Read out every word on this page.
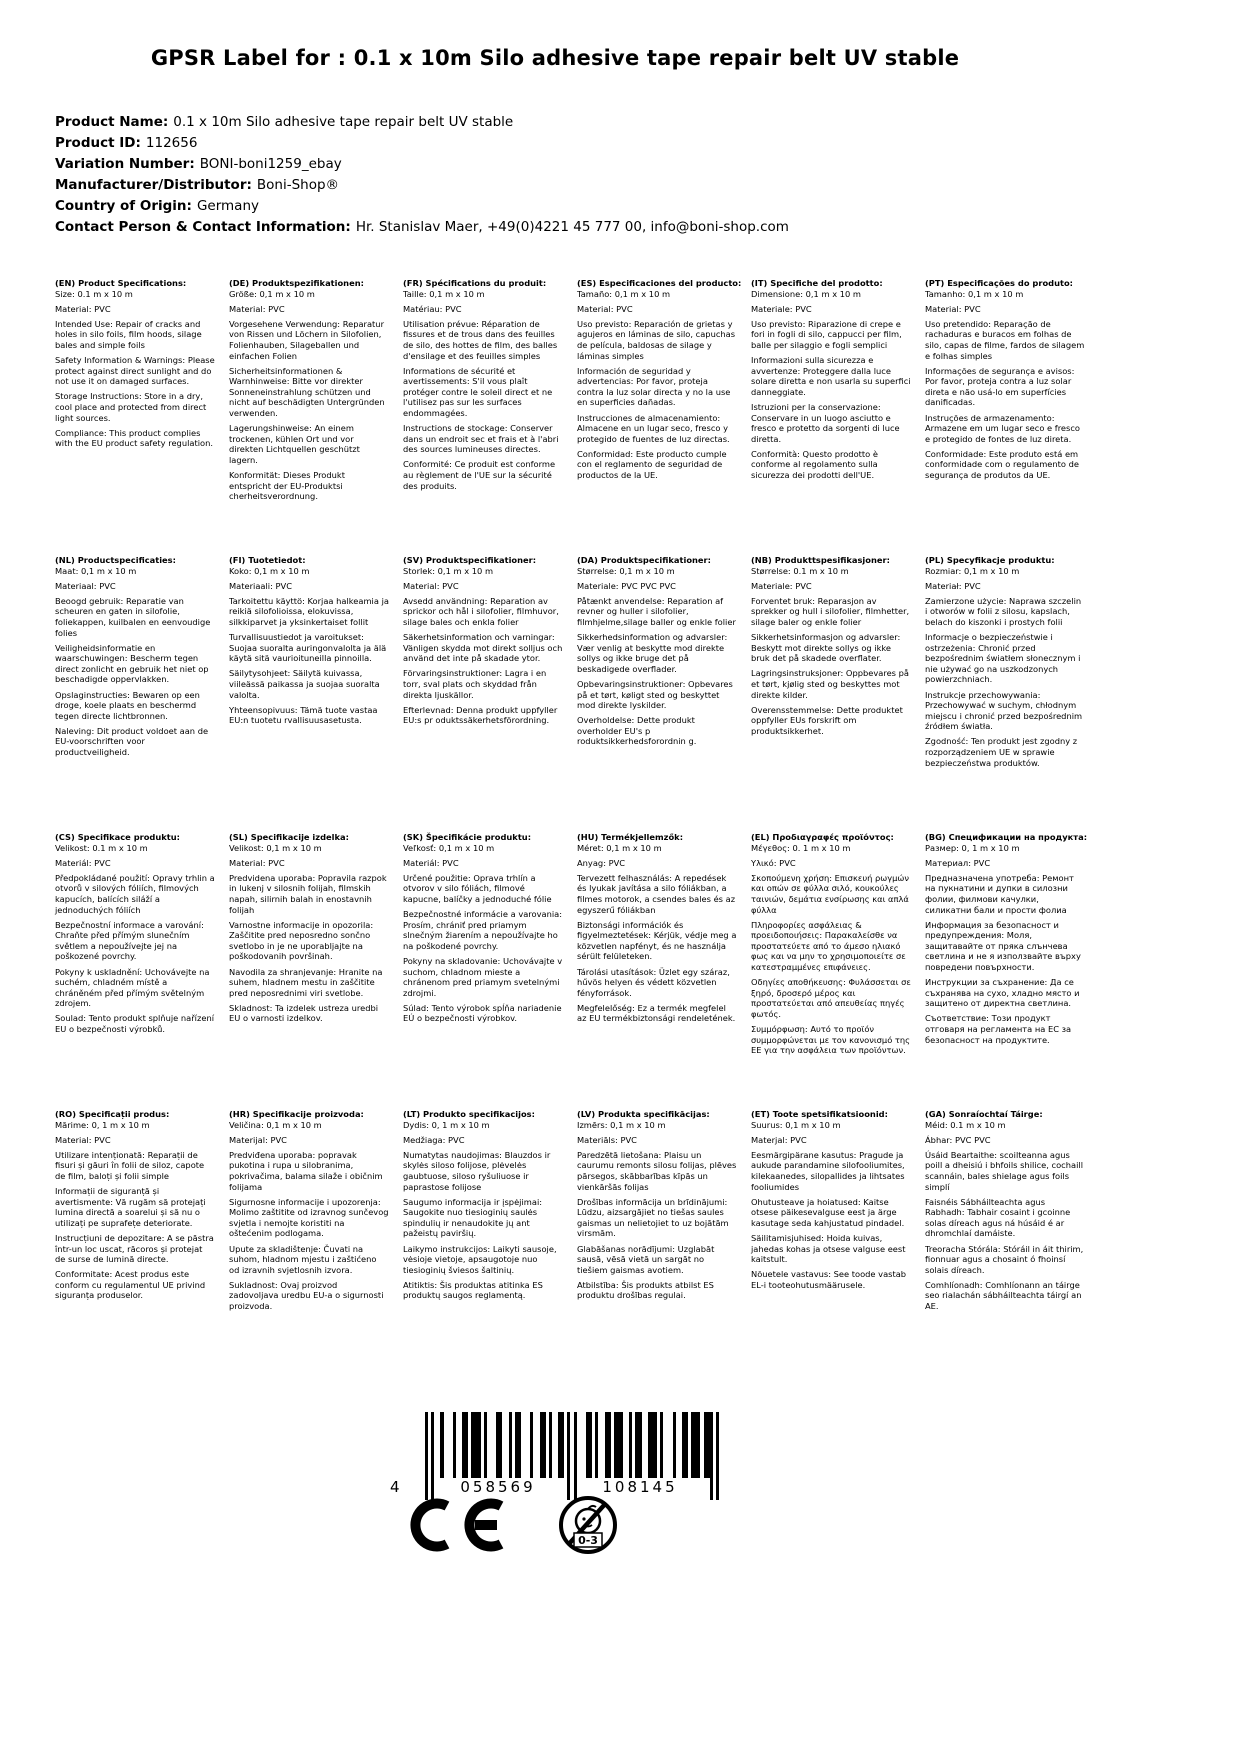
GPSR Label for : 0.1 x 10m Silo adhesive tape repair belt UV stable
Product Name: 0.1 x 10m Silo adhesive tape repair belt UV stable
Product ID: 112656
Variation Number: BONI-boni1259_ebay
Manufacturer/Distributor: Boni-Shop®
Country of Origin: Germany
Contact Person & Contact Information: Hr. Stanislav Maer, +49(0)4221 45 777 00, info@boni-shop.com
(EN) Product Specifications:

Size: 0.1 m x 10 m

Material: PVC

Intended Use: Repair of cracks and holes in silo foils, film hoods, silage bales and simple foils

Safety Information & Warnings: Please protect against direct sunlight and do not use it on damaged surfaces.

Storage Instructions: Store in a dry, cool place and protected from direct light sources.

Compliance: This product complies with the EU product safety regulation.

(DE) Produktspezifikationen:

Größe: 0,1 m x 10 m

Material: PVC

Vorgesehene Verwendung: Reparatur von Rissen und Löchern in Silofolien, Folienhauben, Silageballen und einfachen Folien

Sicherheitsinformationen & Warnhinweise: Bitte vor direkter Sonneneinstrahlung schützen und nicht auf beschädigten Untergründen verwenden.

Lagerungshinweise: An einem trockenen, kühlen Ort und vor direkten Lichtquellen geschützt lagern.

Konformität: Dieses Produkt entspricht der EU-Produktsi cherheitsverordnung.

(FR) Spécifications du produit:

Taille: 0,1 m x 10 m

Matériau: PVC

Utilisation prévue: Réparation de fissures et de trous dans des feuilles de silo, des hottes de film, des balles d'ensilage et des feuilles simples

Informations de sécurité et avertissements: S'il vous plaît protéger contre le soleil direct et ne l'utilisez pas sur les surfaces endommagées.

Instructions de stockage: Conserver dans un endroit sec et frais et à l'abri des sources lumineuses directes.

Conformité: Ce produit est conforme au règlement de l'UE sur la sécurité des produits.

(ES) Especificaciones del producto:

Tamaño: 0,1 m x 10 m

Material: PVC

Uso previsto: Reparación de grietas y agujeros en láminas de silo, capuchas de película, baldosas de silage y láminas simples

Información de seguridad y advertencias: Por favor, proteja contra la luz solar directa y no la use en superficies dañadas.

Instrucciones de almacenamiento: Almacene en un lugar seco, fresco y protegido de fuentes de luz directas.

Conformidad: Este producto cumple con el reglamento de seguridad de productos de la UE.

(IT) Specifiche del prodotto:

Dimensione: 0,1 m x 10 m

Materiale: PVC

Uso previsto: Riparazione di crepe e fori in fogli di silo, cappucci per film, balle per silaggio e fogli semplici

Informazioni sulla sicurezza e avvertenze: Proteggere dalla luce solare diretta e non usarla su superfici danneggiate.

Istruzioni per la conservazione: Conservare in un luogo asciutto e fresco e protetto da sorgenti di luce diretta.

Conformità: Questo prodotto è conforme al regolamento sulla sicurezza dei prodotti dell'UE.

(PT) Especificações do produto:

Tamanho: 0,1 m x 10 m

Material: PVC

Uso pretendido: Reparação de rachaduras e buracos em folhas de silo, capas de filme, fardos de silagem e folhas simples

Informações de segurança e avisos: Por favor, proteja contra a luz solar direta e não usá-lo em superfícies danificadas.

Instruções de armazenamento: Armazene em um lugar seco e fresco e protegido de fontes de luz direta.

Conformidade: Este produto está em conformidade com o regulamento de segurança de produtos da UE.

(NL) Productspecificaties:

Maat: 0,1 m x 10 m

Materiaal: PVC

Beoogd gebruik: Reparatie van scheuren en gaten in silofolie, foliekappen, kuilbalen en eenvoudige folies

Veiligheidsinformatie en waarschuwingen: Bescherm tegen direct zonlicht en gebruik het niet op beschadigde oppervlakken.

Opslaginstructies: Bewaren op een droge, koele plaats en beschermd tegen directe lichtbronnen.

Naleving: Dit product voldoet aan de EU-voorschriften voor productveiligheid.

(FI) Tuotetiedot:

Koko: 0,1 m x 10 m

Materiaali: PVC

Tarkoitettu käyttö: Korjaa halkeamia ja reikiä silofolioissa, elokuvissa, silkkiparvet ja yksinkertaiset follit

Turvallisuustiedot ja varoitukset: Suojaa suoralta auringonvalolta ja älä käytä sitä vaurioituneilla pinnoilla.

Säilytysohjeet: Säilytä kuivassa, viileässä paikassa ja suojaa suoralta valolta.

Yhteensopivuus: Tämä tuote vastaa EU:n tuotetu rvallisuusasetusta.

(SV) Produktspecifikationer:

Storlek: 0,1 m x 10 m

Material: PVC

Avsedd användning: Reparation av sprickor och hål i silofolier, filmhuvor, silage bales och enkla folier

Säkerhetsinformation och varningar: Vänligen skydda mot direkt solljus och använd det inte på skadade ytor.

Förvaringsinstruktioner: Lagra i en torr, sval plats och skyddad från direkta ljuskällor.

Efterlevnad: Denna produkt uppfyller EU:s pr oduktssäkerhetsförordning.

(DA) Produktspecifikationer:

Størrelse: 0,1 m x 10 m

Materiale: PVC PVC PVC

Påtænkt anvendelse: Reparation af revner og huller i silofolier, filmhjelme,silage baller og enkle folier

Sikkerhedsinformation og advarsler: Vær venlig at beskytte mod direkte sollys og ikke bruge det på beskadigede overflader.

Opbevaringsinstruktioner: Opbevares på et tørt, køligt sted og beskyttet mod direkte lyskilder.

Overholdelse: Dette produkt overholder EU's p roduktsikkerhedsforordnin g.

(NB) Produkttspesifikasjoner:

Størrelse: 0.1 m x 10 m

Materiale: PVC

Forventet bruk: Reparasjon av sprekker og hull i silofolier, filmhetter, silage baler og enkle folier

Sikkerhetsinformasjon og advarsler: Beskytt mot direkte sollys og ikke bruk det på skadede overflater.

Lagringsinstruksjoner: Oppbevares på et tørt, kjølig sted og beskyttes mot direkte kilder.

Overensstemmelse: Dette produktet oppfyller EUs forskrift om produktsikkerhet.

(PL) Specyfikacje produktu:

Rozmiar: 0,1 m x 10 m

Materiał: PVC

Zamierzone użycie: Naprawa szczelin i otworów w folii z silosu, kapslach, belach do kiszonki i prostych folii

Informacje o bezpieczeństwie i ostrzeżenia: Chronić przed bezpośrednim światłem słonecznym i nie używać go na uszkodzonych powierzchniach.

Instrukcje przechowywania: Przechowywać w suchym, chłodnym miejscu i chronić przed bezpośrednim źródłem światła.

Zgodność: Ten produkt jest zgodny z rozporządzeniem UE w sprawie bezpieczeństwa produktów.

(CS) Specifikace produktu:

Velikost: 0.1 m x 10 m

Materiál: PVC

Předpokládané použití: Opravy trhlin a otvorů v silových fóliích, filmových kapucích, balících siláží a jednoduchých fóliích

Bezpečnostní informace a varování: Chraňte před přímým slunečním světlem a nepoužívejte jej na poškozené povrchy.

Pokyny k uskladnění: Uchovávejte na suchém, chladném místě a chráněném před přímým světelným zdrojem.

Soulad: Tento produkt splňuje nařízení EU o bezpečnosti výrobků.

(SL) Specifikacije izdelka:

Velikost: 0,1 m x 10 m

Material: PVC

Predvidena uporaba: Popravila razpok in lukenj v silosnih folijah, filmskih napah, silirnih balah in enostavnih folijah

Varnostne informacije in opozorila: Zaščitite pred neposredno sončno svetlobo in je ne uporabljajte na poškodovanih površinah.

Navodila za shranjevanje: Hranite na suhem, hladnem mestu in zaščitite pred neposrednimi viri svetlobe.

Skladnost: Ta izdelek ustreza uredbi EU o varnosti izdelkov.

(SK) Špecifikácie produktu:

Veľkosť: 0,1 m x 10 m

Materiál: PVC

Určené použitie: Oprava trhlín a otvorov v silo fóliách, filmové kapucne, balíčky a jednoduché fólie

Bezpečnostné informácie a varovania: Prosím, chrániť pred priamym slnečným žiarením a nepoužívajte ho na poškodené povrchy.

Pokyny na skladovanie: Uchovávajte v suchom, chladnom mieste a chránenom pred priamym svetelnými zdrojmi.

Súlad: Tento výrobok spĺňa nariadenie EÚ o bezpečnosti výrobkov.

(HU) Termékjellemzők:

Méret: 0,1 m x 10 m

Anyag: PVC

Tervezett felhasználás: A repedések és lyukak javítása a silo fóliákban, a filmes motorok, a csendes bales és az egyszerű fóliákban

Biztonsági információk és figyelmeztetések: Kérjük, védje meg a közvetlen napfényt, és ne használja sérült felületeken.

Tárolási utasítások: Üzlet egy száraz, hűvös helyen és védett közvetlen fényforrások.

Megfelelőség: Ez a termék megfelel az EU termékbiztonsági rendeletének.

(EL) Προδιαγραφές προϊόντος:

Μέγεθος: 0. 1 m x 10 m

Υλικό: PVC

Σκοπούμενη χρήση: Επισκευή ρωγμών και οπών σε φύλλα σιλό, κουκούλες ταινιών, δεμάτια ενσίρωσης και απλά φύλλα

Πληροφορίες ασφάλειας & προειδοποιήσεις: Παρακαλείσθε να προστατεύετε από το άμεσο ηλιακό φως και να μην το χρησιμοποιείτε σε κατεστραμμένες επιφάνειες.

Οδηγίες αποθήκευσης: Φυλάσσεται σε ξηρό, δροσερό μέρος και προστατεύεται από απευθείας πηγές φωτός.

Συμμόρφωση: Αυτό το προϊόν συμμορφώνεται με τον κανονισμό της ΕΕ για την ασφάλεια των προϊόντων.

(BG) Спецификации на продукта:

Размер: 0, 1 m x 10 m

Материал: PVC

Предназначена употреба: Ремонт на пукнатини и дупки в силозни фолии, филмови качулки, силикатни бали и прости фолиа

Информация за безопасност и предупреждения: Моля, защитавайте от пряка слънчева светлина и не я използвайте върху повредени повърхности.

Инструкции за съхранение: Да се съхранява на сухо, хладно място и защитено от директна светлина.

Съответствие: Този продукт отговаря на регламента на ЕС за безопасност на продуктите.

(RO) Specificații produs:

Mărime: 0, 1 m x 10 m

Material: PVC

Utilizare intenționată: Reparații de fisuri și găuri în folii de siloz, capote de film, baloți și folii simple

Informații de siguranță și avertismente: Vă rugăm să protejați lumina directă a soarelui și să nu o utilizați pe suprafețe deteriorate.

Instrucțiuni de depozitare: A se păstra într-un loc uscat, răcoros și protejat de surse de lumină directe.

Conformitate: Acest produs este conform cu regulamentul UE privind siguranța produselor.

(HR) Specifikacije proizvoda:

Veličina: 0,1 m x 10 m

Materijal: PVC

Predviđena uporaba: popravak pukotina i rupa u silobranima, pokrivačima, balama silaže i običnim folijama

Sigurnosne informacije i upozorenja: Molimo zaštitite od izravnog sunčevog svjetla i nemojte koristiti na oštećenim podlogama.

Upute za skladištenje: Čuvati na suhom, hladnom mjestu i zaštićeno od izravnih svjetlosnih izvora.

Sukladnost: Ovaj proizvod zadovoljava uredbu EU-a o sigurnosti proizvoda.

(LT) Produkto specifikacijos:

Dydis: 0, 1 m x 10 m

Medžiaga: PVC

Numatytas naudojimas: Blauzdos ir skylės siloso folijose, plėvelės gaubtuose, siloso ryšuliuose ir paprastose folijose

Saugumo informacija ir įspėjimai: Saugokite nuo tiesioginių saulės spindulių ir nenaudokite jų ant pažeistų paviršių.

Laikymo instrukcijos: Laikyti sausoje, vėsioje vietoje, apsaugotoje nuo tiesioginių šviesos šaltinių.

Atitiktis: Šis produktas atitinka ES produktų saugos reglamentą.

(LV) Produkta specifikācijas:

Izmērs: 0,1 m x 10 m

Materiāls: PVC

Paredzētā lietošana: Plaisu un caurumu remonts silosu folijas, plēves pārsegos, skābbarības kīpās un vienkāršās folijas

Drošības informācija un brīdinājumi: Lūdzu, aizsargājiet no tiešas saules gaismas un nelietojiet to uz bojātām virsmām.

Glabāšanas norādījumi: Uzglabāt sausā, vēsā vietā un sargāt no tiešiem gaismas avotiem.

Atbilstība: Šis produkts atbilst ES produktu drošības regulai.

(ET) Toote spetsifikatsioonid:

Suurus: 0,1 m x 10 m

Materjal: PVC

Eesmärgipärane kasutus: Pragude ja aukude parandamine silofooliumites, kilekaanedes, silopallides ja lihtsates fooliumides

Ohutusteave ja hoiatused: Kaitse otsese päikesevalguse eest ja ärge kasutage seda kahjustatud pindadel.

Säilitamisjuhised: Hoida kuivas, jahedas kohas ja otsese valguse eest kaitstult.

Nõuetele vastavus: See toode vastab EL-i tooteohutusmäärusele.

(GA) Sonraíochtaí Táirge:

Méid: 0.1 m x 10 m

Ábhar: PVC PVC

Úsáid Beartaithe: scoilteanna agus poill a dheisiú i bhfoils shilice, cochaill scannáin, bales shielage agus foils simplí

Faisnéis Sábháilteachta agus Rabhadh: Tabhair cosaint i gcoinne solas díreach agus ná húsáid é ar dhromchlaí damáiste.

Treoracha Stórála: Stóráil in áit thirim, fionnuar agus a chosaint ó fhoinsí solais díreach.

Comhlíonadh: Comhlíonann an táirge seo rialachán sábháilteachta táirgí an AE.

4	058569	108145
0-3
